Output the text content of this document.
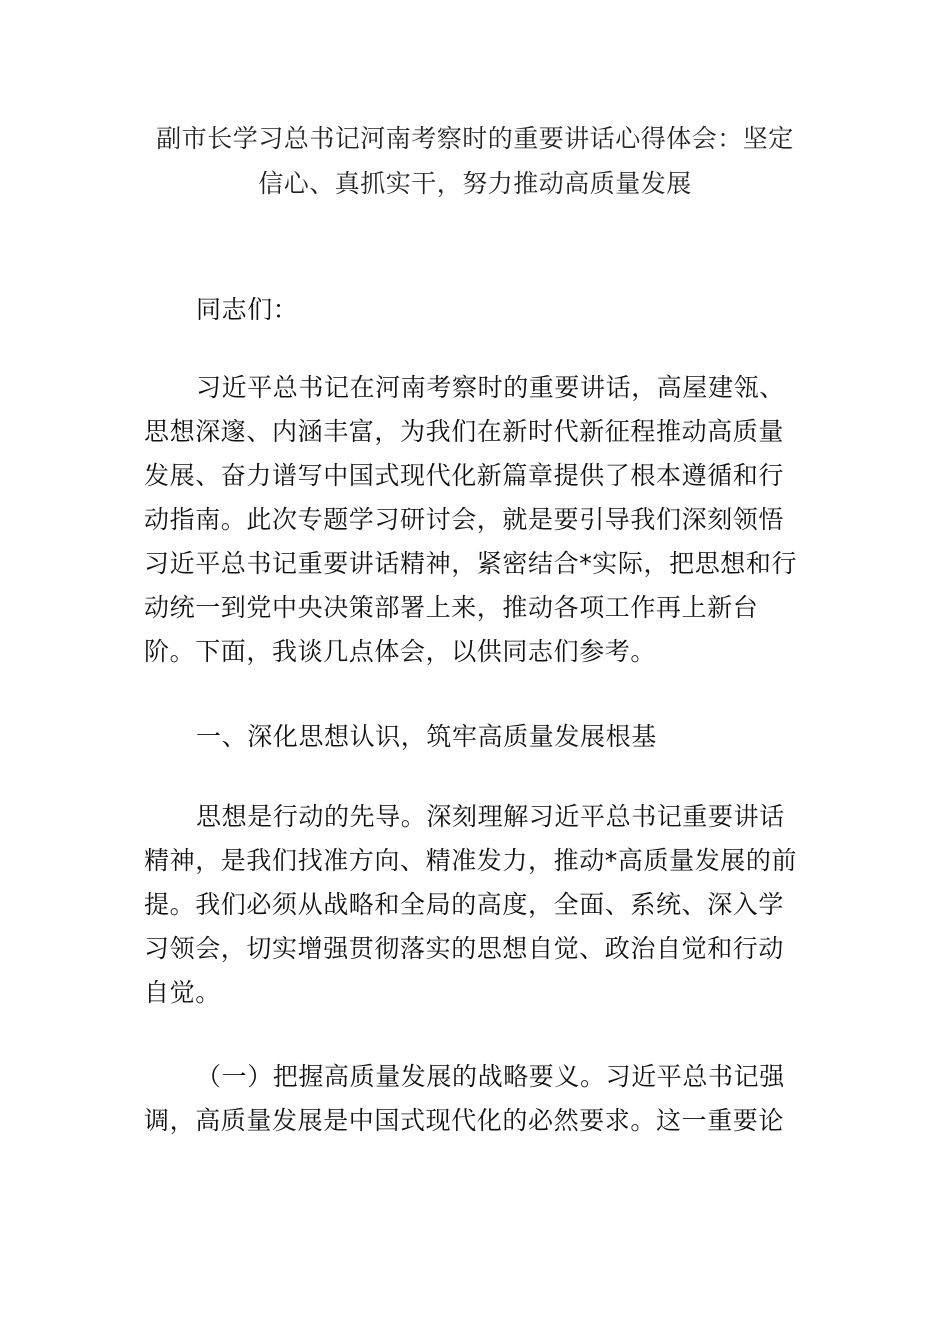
副市长学习总书记河南考察时的重要讲话心得体会：坚定信心、真抓实干，努力推动高质量发展

同志们：

习近平总书记在河南考察时的重要讲话，高屋建瓴、思想深邃、内涵丰富，为我们在新时代新征程推动高质量发展、奋力谱写中国式现代化新篇章提供了根本遵循和行动指南。此次专题学习研讨会，就是要引导我们深刻领悟习近平总书记重要讲话精神，紧密结合*实际，把思想和行动统一到党中央决策部署上来，推动各项工作再上新台阶。下面，我谈几点体会，以供同志们参考。

一、深化思想认识，筑牢高质量发展根基

思想是行动的先导。深刻理解习近平总书记重要讲话精神，是我们找准方向、精准发力，推动*高质量发展的前提。我们必须从战略和全局的高度，全面、系统、深入学习领会，切实增强贯彻落实的思想自觉、政治自觉和行动自觉。

（一）把握高质量发展的战略要义。习近平总书记强调，高质量发展是中国式现代化的必然要求。这一重要论
